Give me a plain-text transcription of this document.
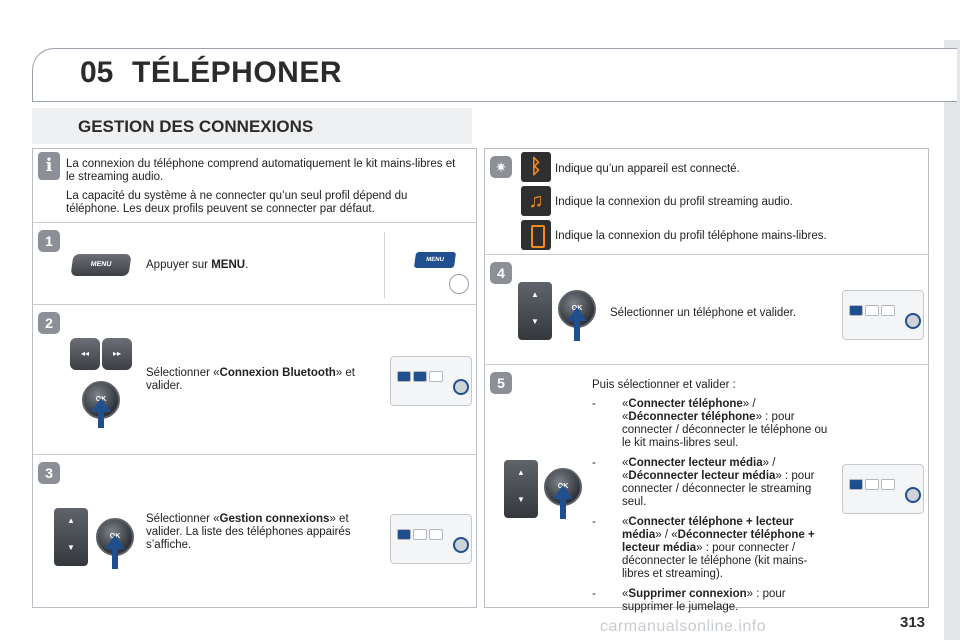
05 TÉLÉPHONER
GESTION DES CONNEXIONS
i	La connexion du téléphone comprend automatiquement le kit mains-libres et le streaming audio.

La capacité du système à ne connecter qu’un seul profil dépend du téléphone. Les deux profils peuvent se connecter par défaut.

1
MENU	Appuyer sur MENU.	MENU
2
◂◂	▸▸
OK

Sélectionner «Connexion Bluetooth» et valider.

3
▲
▼
OK

Sélectionner «Gestion connexions» et valider. La liste des téléphones appairés s’affiche.

✷	ᛒ	Indique qu’un appareil est connecté.
♫	Indique la connexion du profil streaming audio.
Indique la connexion du profil téléphone mains-libres.
4
▲
▼
OK	Sélectionner un téléphone et valider.
5
▲
▼
OK

Puis sélectionner et valider :

-	«Connecter téléphone» /
«Déconnecter téléphone» : pour connecter / déconnecter le téléphone ou le kit mains-libres seul.

-	«Connecter lecteur média» /
«Déconnecter lecteur média» : pour connecter / déconnecter le streaming seul.

-	«Connecter téléphone + lecteur média» / «Déconnecter téléphone + lecteur média» : pour connecter / déconnecter le téléphone (kit mains-libres et streaming).

-	«Supprimer connexion» : pour supprimer le jumelage.

carmanualsonline.info	313
